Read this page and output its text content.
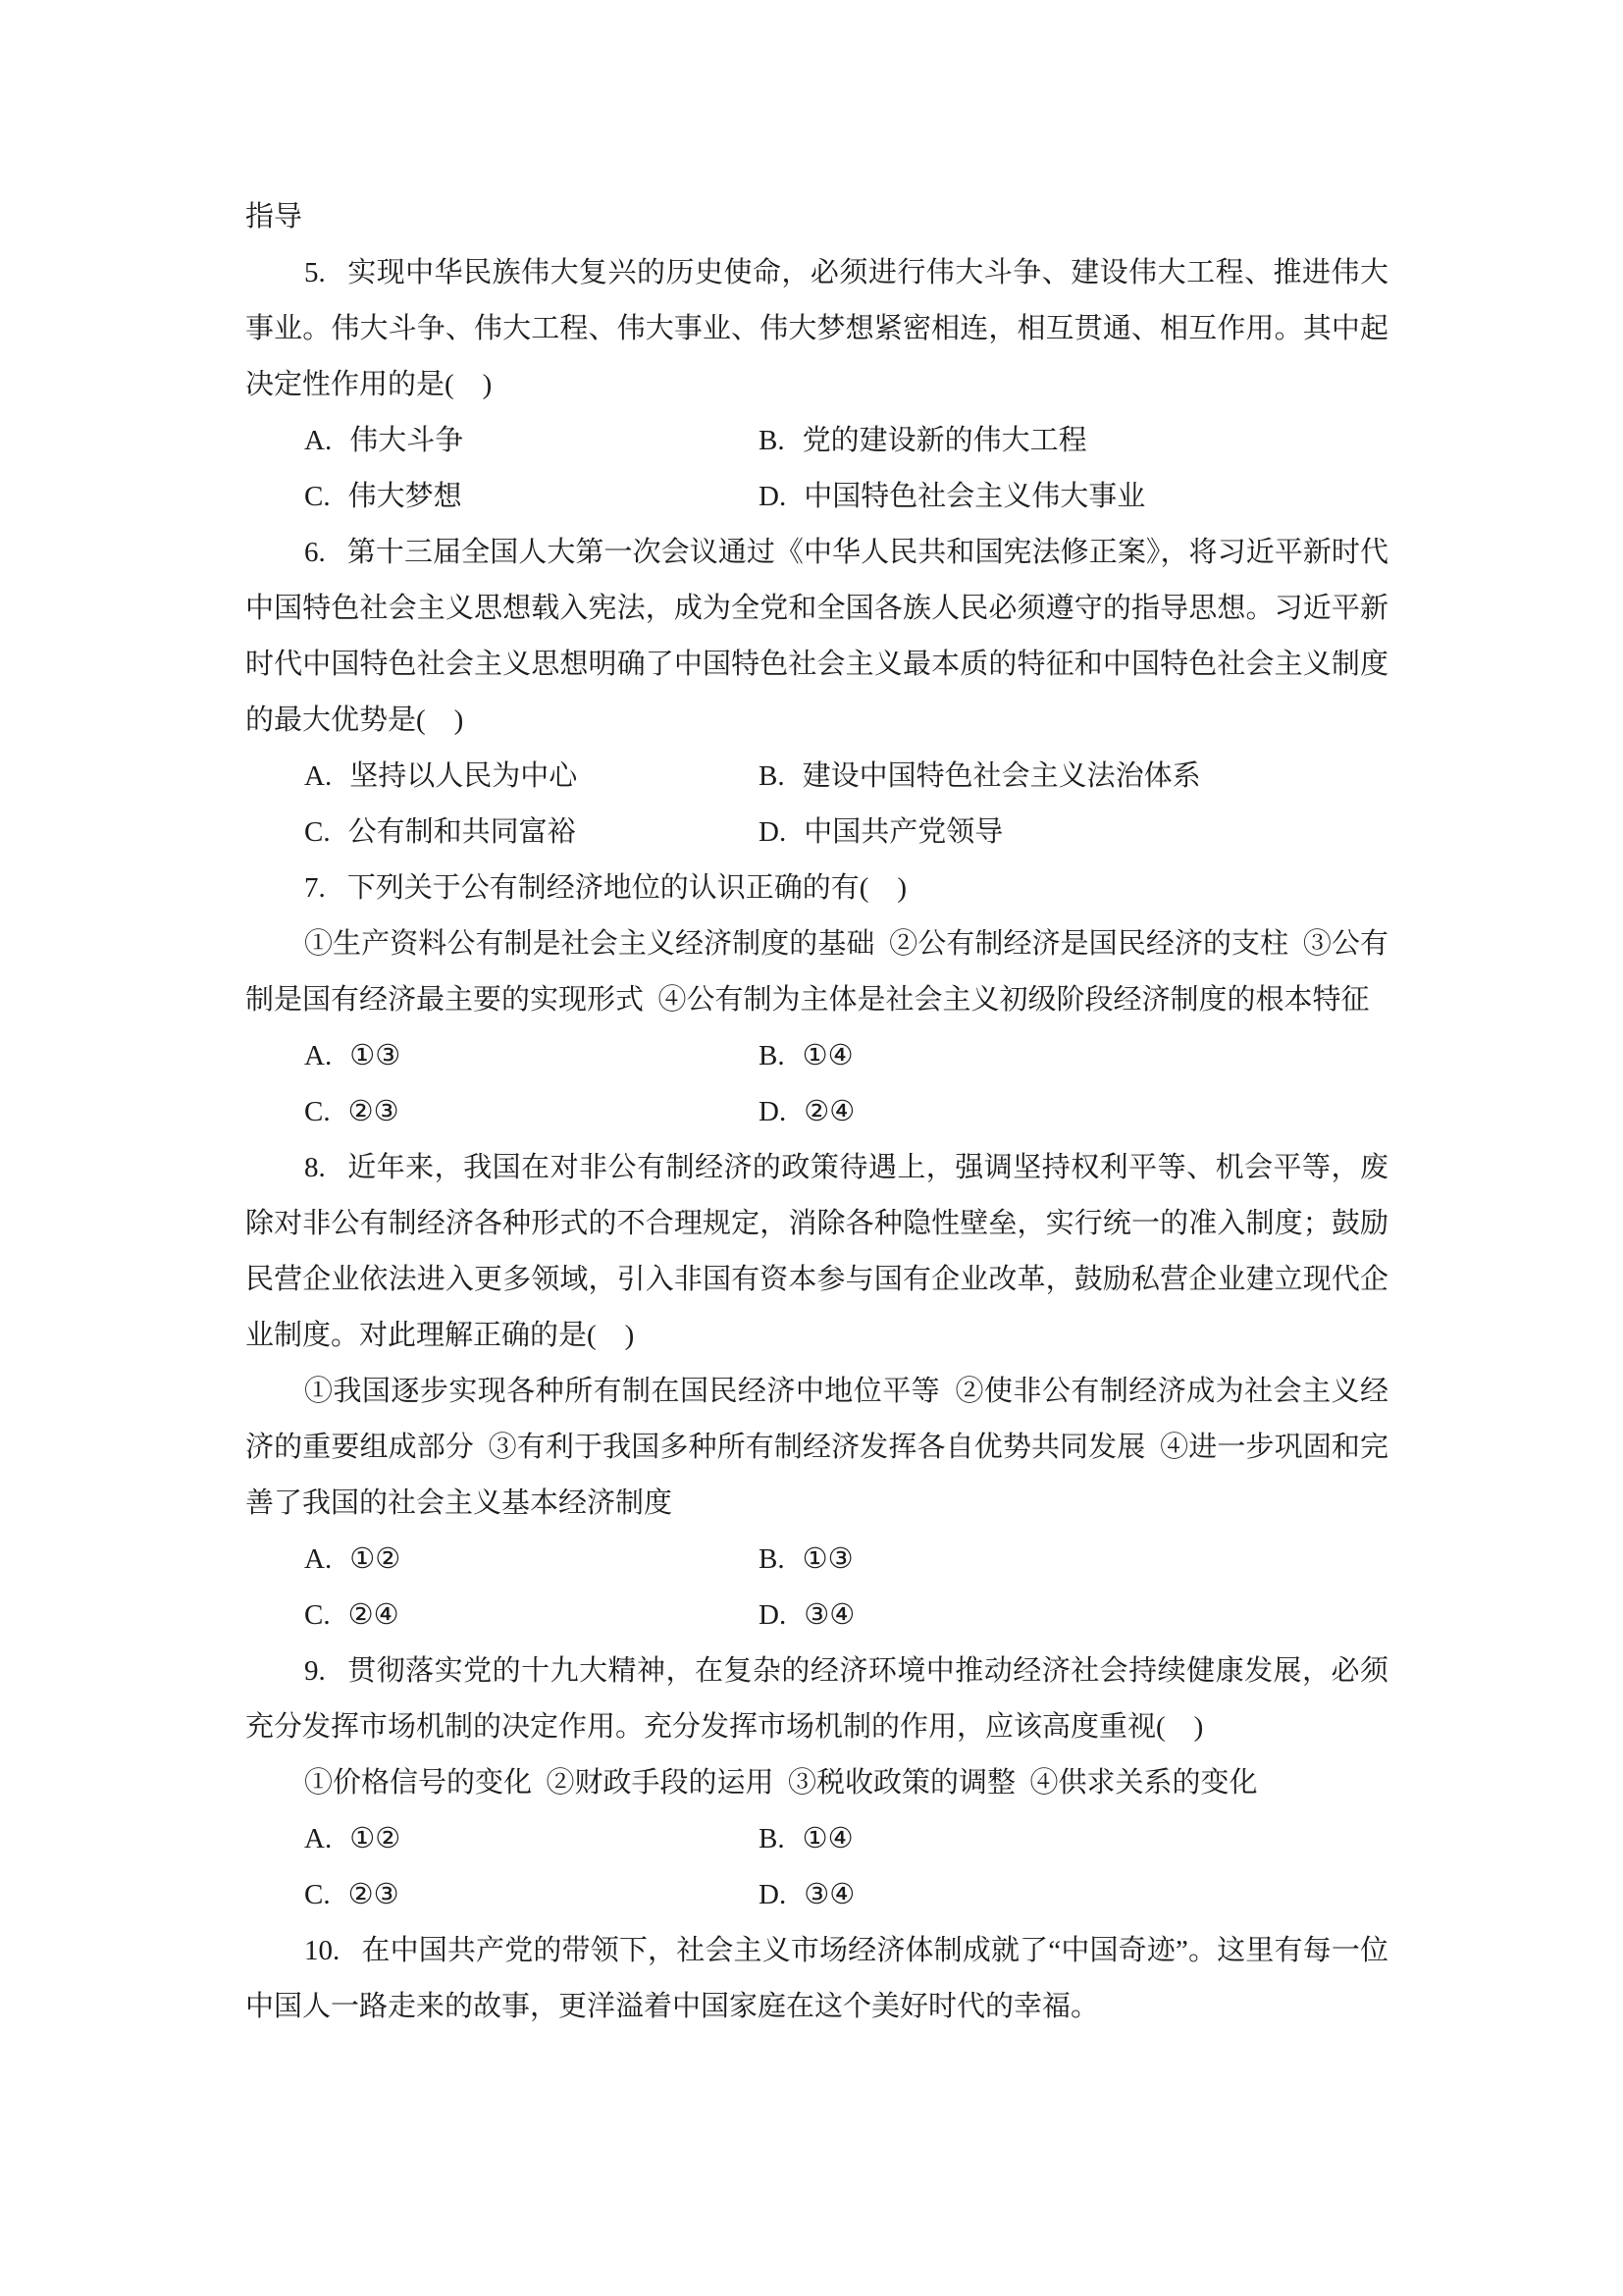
指导

5. 实现中华民族伟大复兴的历史使命，必须进行伟大斗争、建设伟大工程、推进伟大事业。伟大斗争、伟大工程、伟大事业、伟大梦想紧密相连，相互贯通、相互作用。其中起决定性作用的是(    )

A. 伟大斗争

	B. 党的建设新的伟大工程

C. 伟大梦想

	D. 中国特色社会主义伟大事业

6. 第十三届全国人大第一次会议通过《中华人民共和国宪法修正案》，将习近平新时代中国特色社会主义思想载入宪法，成为全党和全国各族人民必须遵守的指导思想。习近平新时代中国特色社会主义思想明确了中国特色社会主义最本质的特征和中国特色社会主义制度的最大优势是(    )

A. 坚持以人民为中心

	B. 建设中国特色社会主义法治体系

C. 公有制和共同富裕

	D. 中国共产党领导

7. 下列关于公有制经济地位的认识正确的有(    )

①生产资料公有制是社会主义经济制度的基础  ②公有制经济是国民经济的支柱  ③公有制是国有经济最主要的实现形式  ④公有制为主体是社会主义初级阶段经济制度的根本特征

A. ①③

	B. ①④

C. ②③

	D. ②④

8. 近年来，我国在对非公有制经济的政策待遇上，强调坚持权利平等、机会平等，废除对非公有制经济各种形式的不合理规定，消除各种隐性壁垒，实行统一的准入制度；鼓励民营企业依法进入更多领域，引入非国有资本参与国有企业改革，鼓励私营企业建立现代企业制度。对此理解正确的是(    )

①我国逐步实现各种所有制在国民经济中地位平等  ②使非公有制经济成为社会主义经济的重要组成部分  ③有利于我国多种所有制经济发挥各自优势共同发展  ④进一步巩固和完善了我国的社会主义基本经济制度

A. ①②

	B. ①③

C. ②④

	D. ③④

9. 贯彻落实党的十九大精神，在复杂的经济环境中推动经济社会持续健康发展，必须充分发挥市场机制的决定作用。充分发挥市场机制的作用，应该高度重视(    )

①价格信号的变化  ②财政手段的运用  ③税收政策的调整  ④供求关系的变化

A. ①②

	B. ①④

C. ②③

	D. ③④

10. 在中国共产党的带领下，社会主义市场经济体制成就了“中国奇迹”。这里有每一位中国人一路走来的故事，更洋溢着中国家庭在这个美好时代的幸福。
